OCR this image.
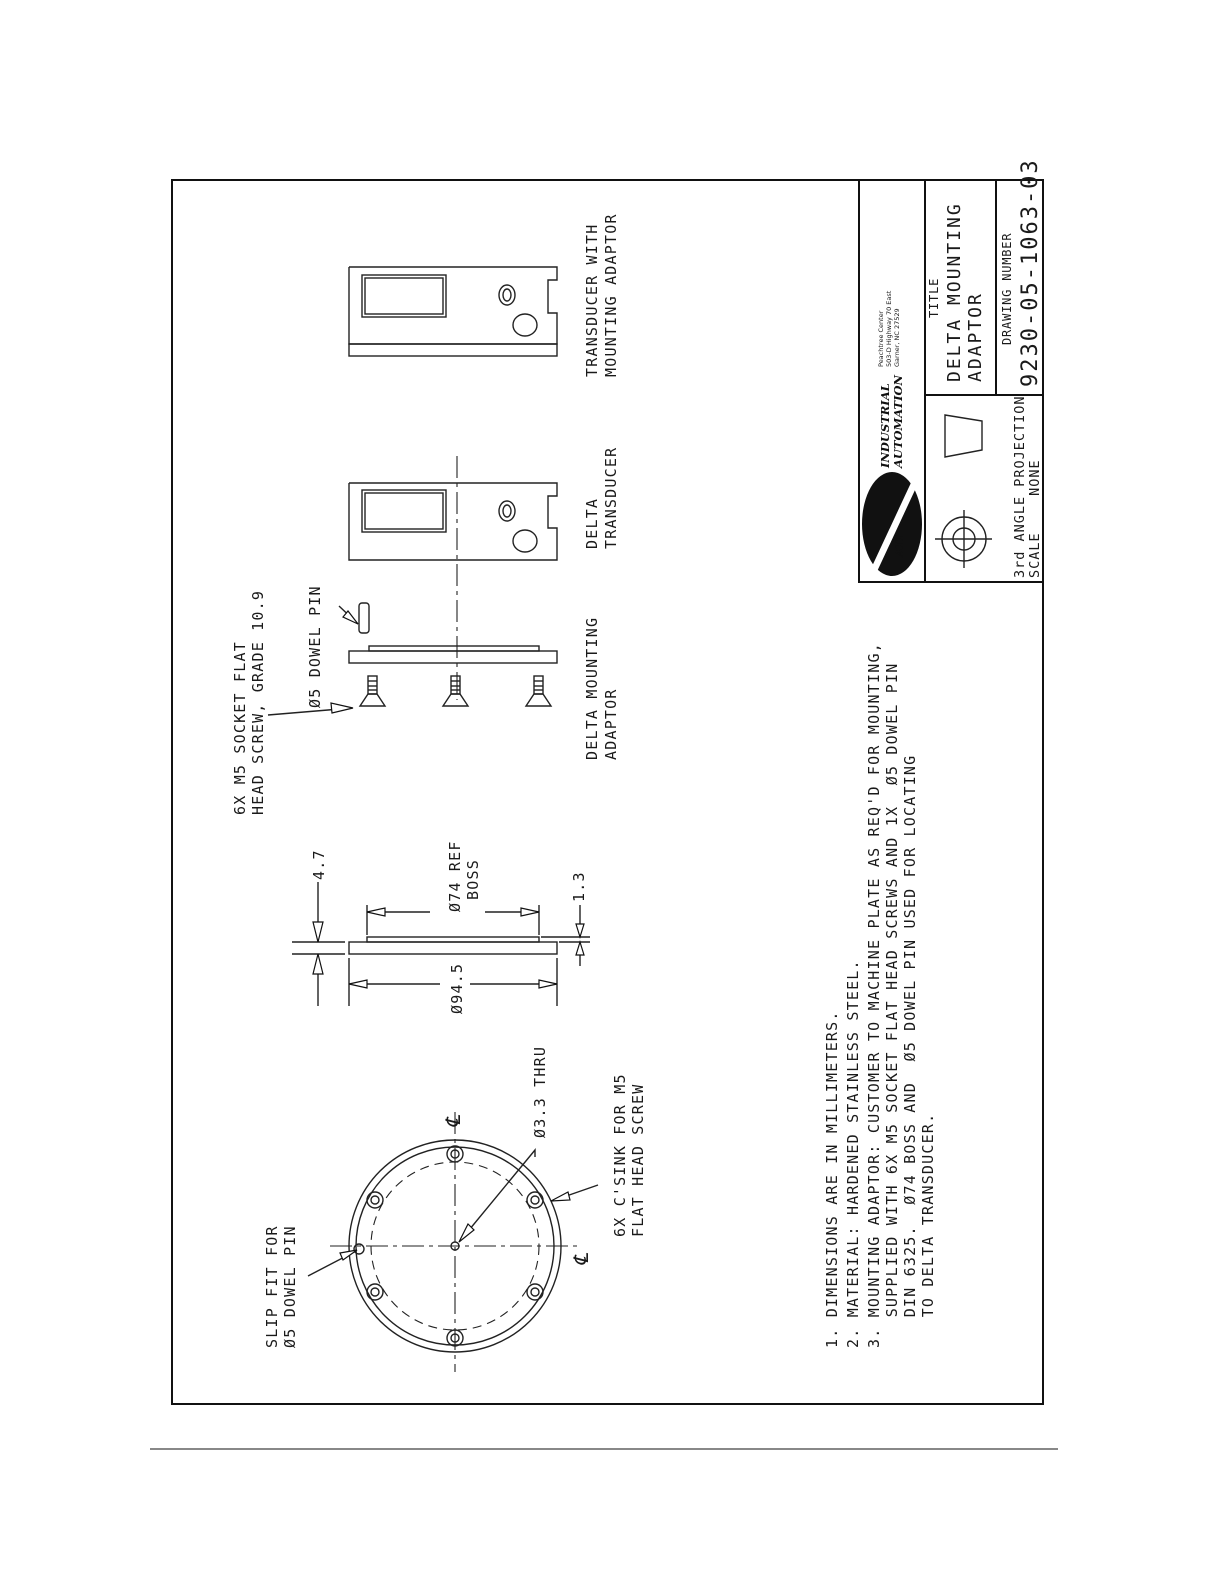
℄
℄
SLIP FIT FOR Ø5 DOWEL PIN
Ø3.3 THRU	6X C'SINK FOR M5 FLAT HEAD SCREW
4.7	Ø74 REF BOSS
Ø94.5
1.3
6X M5 SOCKET FLAT HEAD SCREW, GRADE 10.9	Ø5 DOWEL PIN	DELTA MOUNTING ADAPTOR
DELTA TRANSDUCER
TRANSDUCER WITH MOUNTING ADAPTOR
1. DIMENSIONS ARE IN MILLIMETERS. 2. MATERIAL: HARDENED STAINLESS STEEL. 3. MOUNTING ADAPTOR: CUSTOMER TO MACHINE PLATE AS REQ'D FOR MOUNTING,    SUPPLIED WITH 6X M5 SOCKET FLAT HEAD SCREWS AND 1X  Ø5 DOWEL PIN    DIN 6325.  Ø74 BOSS AND  Ø5 DOWEL PIN USED FOR LOCATING    TO DELTA TRANSDUCER.
ATI
INDUSTRIAL AUTOMATION
Peachtree Center 503-D Highway 70 East Garner, NC 27529
3rd ANGLE PROJECTION SCALE    NONE
TITLE DELTA MOUNTING ADAPTOR DRAWING NUMBER 9230-05-1063-03
